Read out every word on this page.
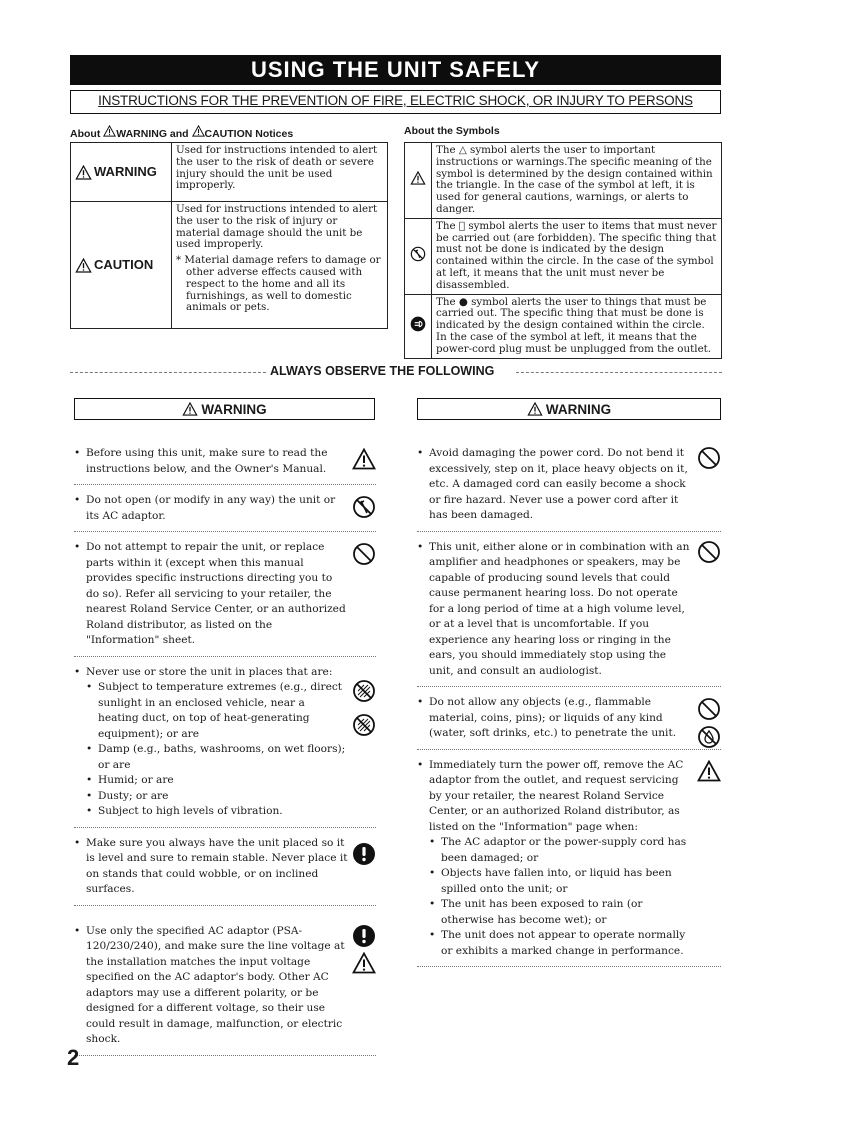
USING THE UNIT SAFELY
INSTRUCTIONS FOR THE PREVENTION OF FIRE, ELECTRIC SHOCK, OR INJURY TO PERSONS
About WARNING and CAUTION Notices
WARNING	Used for instructions intended to alert the user to the risk of death or severe injury should the unit be used improperly.

CAUTION	Used for instructions intended to alert the user to the risk of injury or material damage should the unit be used improperly.
* Material damage refers to damage or other adverse effects caused with respect to the home and all its furnishings, as well to domestic animals or pets.
About the Symbols
	The △ symbol alerts the user to important instructions or warnings.The specific meaning of the symbol is determined by the design contained within the triangle. In the case of the symbol at left, it is used for general cautions, warnings, or alerts to danger.
	The ⃠ symbol alerts the user to items that must never be carried out (are forbidden). The specific thing that must not be done is indicated by the design contained within the circle. In the case of the symbol at left, it means that the unit must never be disassembled.
	The ● symbol alerts the user to things that must be carried out. The specific thing that must be done is indicated by the design contained within the circle. In the case of the symbol at left, it means that the power-cord plug must be unplugged from the outlet.
ALWAYS OBSERVE THE FOLLOWING
WARNING	WARNING
• Before using this unit, make sure to read the instructions below, and the Owner's Manual.
• Do not open (or modify in any way) the unit or its AC adaptor.
• Do not attempt to repair the unit, or replace parts within it (except when this manual provides specific instructions directing you to do so). Refer all servicing to your retailer, the nearest Roland Service Center, or an authorized Roland distributor, as listed on the "Information" sheet.
• Never use or store the unit in places that are:
• Subject to temperature extremes (e.g., direct sunlight in an enclosed vehicle, near a heating duct, on top of heat-generating equipment); or are
• Damp (e.g., baths, washrooms, on wet floors); or are
• Humid; or are
• Dusty; or are
• Subject to high levels of vibration.
• Make sure you always have the unit placed so it is level and sure to remain stable. Never place it on stands that could wobble, or on inclined surfaces.
• Use only the specified AC adaptor (PSA-120/230/240), and make sure the line voltage at the installation matches the input voltage specified on the AC adaptor's body. Other AC adaptors may use a different polarity, or be designed for a different voltage, so their use could result in damage, malfunction, or electric shock.
• Avoid damaging the power cord. Do not bend it excessively, step on it, place heavy objects on it, etc. A damaged cord can easily become a shock or fire hazard. Never use a power cord after it has been damaged.
• This unit, either alone or in combination with an amplifier and headphones or speakers, may be capable of producing sound levels that could cause permanent hearing loss. Do not operate for a long period of time at a high volume level, or at a level that is uncomfortable. If you experience any hearing loss or ringing in the ears, you should immediately stop using the unit, and consult an audiologist.
• Do not allow any objects (e.g., flammable material, coins, pins); or liquids of any kind (water, soft drinks, etc.) to penetrate the unit.
• Immediately turn the power off, remove the AC adaptor from the outlet, and request servicing by your retailer, the nearest Roland Service Center, or an authorized Roland distributor, as listed on the "Information" page when:
• The AC adaptor or the power-supply cord has been damaged; or
• Objects have fallen into, or liquid has been spilled onto the unit; or
• The unit has been exposed to rain (or otherwise has become wet); or
• The unit does not appear to operate normally or exhibits a marked change in performance.
2
